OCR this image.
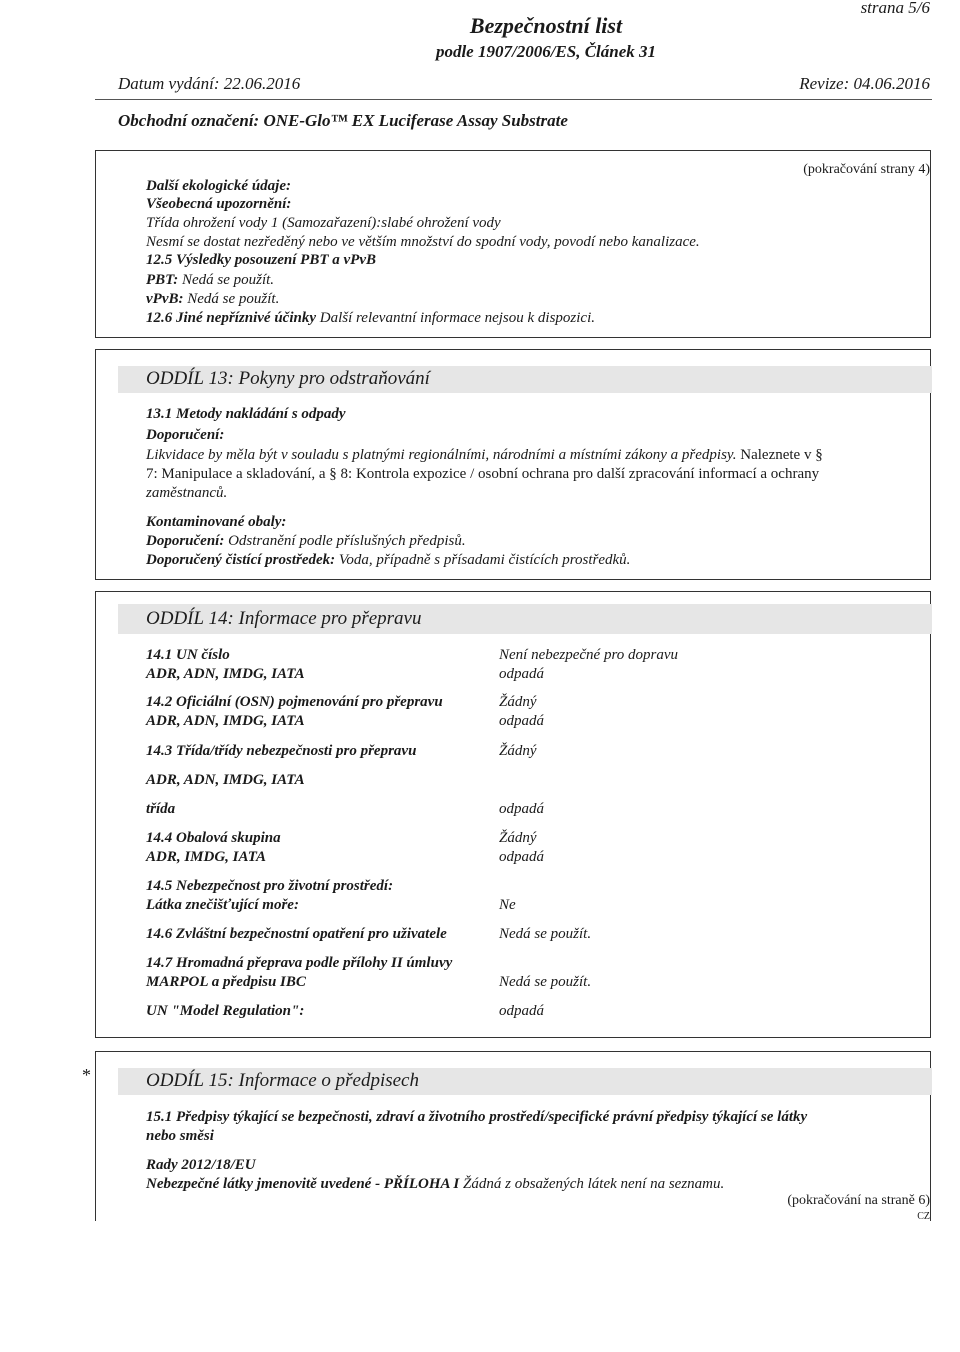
strana 5/6
Bezpečnostní list
podle 1907/2006/ES, Článek 31
Datum vydání: 22.06.2016	Revize: 04.06.2016
Obchodní označení: ONE-Glo™ EX Luciferase Assay Substrate
(pokračování strany 4)
Další ekologické údaje:
Všeobecná upozornění:
Třída ohrožení vody 1 (Samozařazení):slabé ohrožení vody
Nesmí se dostat nezředěný nebo ve větším množství do spodní vody, povodí nebo kanalizace.
12.5 Výsledky posouzení PBT a vPvB
PBT: Nedá se použít.
vPvB: Nedá se použít.
12.6 Jiné nepříznivé účinky Další relevantní informace nejsou k dispozici.
ODDÍL 13: Pokyny pro odstraňování
13.1 Metody nakládání s odpady
Doporučení:
Likvidace by měla být v souladu s platnými regionálními, národními a místními zákony a předpisy. Naleznete v §
7: Manipulace a skladování, a § 8: Kontrola expozice / osobní ochrana pro další zpracování informací a ochrany
zaměstnanců.
Kontaminované obaly:
Doporučení: Odstranění podle příslušných předpisů.
Doporučený čistící prostředek: Voda, případně s přísadami čistících prostředků.
ODDÍL 14: Informace pro přepravu
14.1 UN číslo	Není nebezpečné pro dopravu
ADR, ADN, IMDG, IATA	odpadá
14.2 Oficiální (OSN) pojmenování pro přepravu	Žádný
ADR, ADN, IMDG, IATA	odpadá
14.3 Třída/třídy nebezpečnosti pro přepravu	Žádný
ADR, ADN, IMDG, IATA
třída	odpadá
14.4 Obalová skupina	Žádný
ADR, IMDG, IATA	odpadá
14.5 Nebezpečnost pro životní prostředí:
Látka znečišťující moře:	Ne
14.6 Zvláštní bezpečnostní opatření pro uživatele	Nedá se použít.
14.7 Hromadná přeprava podle přílohy II úmluvy
MARPOL a předpisu IBC	Nedá se použít.
UN "Model Regulation":	odpadá
*	ODDÍL 15: Informace o předpisech
15.1 Předpisy týkající se bezpečnosti, zdraví a životního prostředí/specifické právní předpisy týkající se látky
nebo směsi
Rady 2012/18/EU
Nebezpečné látky jmenovitě uvedené - PŘÍLOHA I Žádná z obsažených látek není na seznamu.
(pokračování na straně 6)
CZ
